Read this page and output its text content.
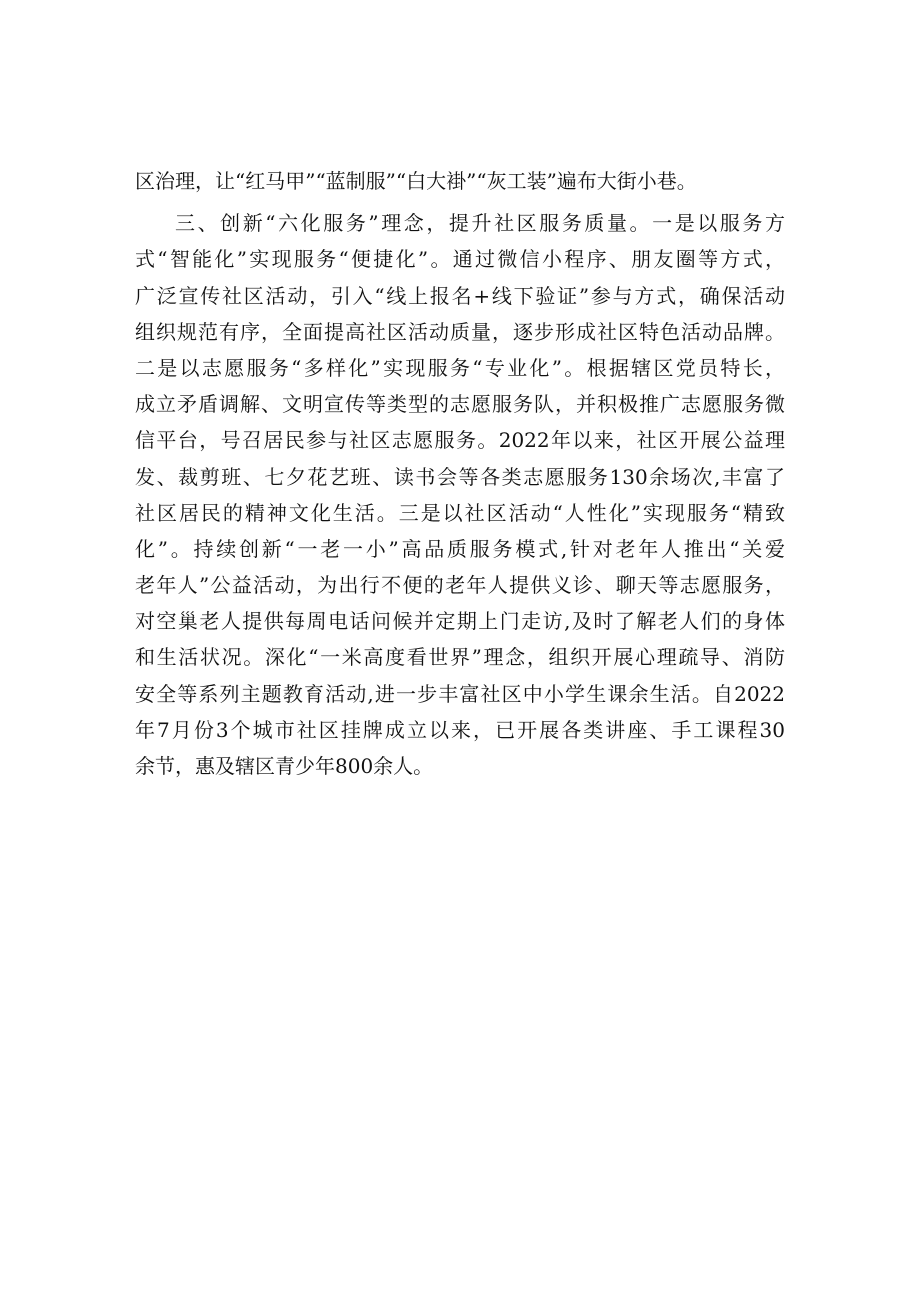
区治理，让“红马甲”“蓝制服”“白大褂”“灰工装”遍布大街小巷。
三、创新“六化服务”理念，提升社区服务质量。一是以服务方
式“智能化”实现服务“便捷化”。通过微信小程序、朋友圈等方式，
广泛宣传社区活动，引入“线上报名+线下验证”参与方式，确保活动
组织规范有序，全面提高社区活动质量，逐步形成社区特色活动品牌。
二是以志愿服务“多样化”实现服务“专业化”。根据辖区党员特长，
成立矛盾调解、文明宣传等类型的志愿服务队，并积极推广志愿服务微
信平台，号召居民参与社区志愿服务。2022年以来，社区开展公益理
发、裁剪班、七夕花艺班、读书会等各类志愿服务130余场次,丰富了
社区居民的精神文化生活。三是以社区活动“人性化”实现服务“精致
化”。持续创新“一老一小”高品质服务模式,针对老年人推出“关爱
老年人”公益活动，为出行不便的老年人提供义诊、聊天等志愿服务，
对空巢老人提供每周电话问候并定期上门走访,及时了解老人们的身体
和生活状况。深化“一米高度看世界”理念，组织开展心理疏导、消防
安全等系列主题教育活动,进一步丰富社区中小学生课余生活。自2022
年7月份3个城市社区挂牌成立以来，已开展各类讲座、手工课程30
余节，惠及辖区青少年800余人。
